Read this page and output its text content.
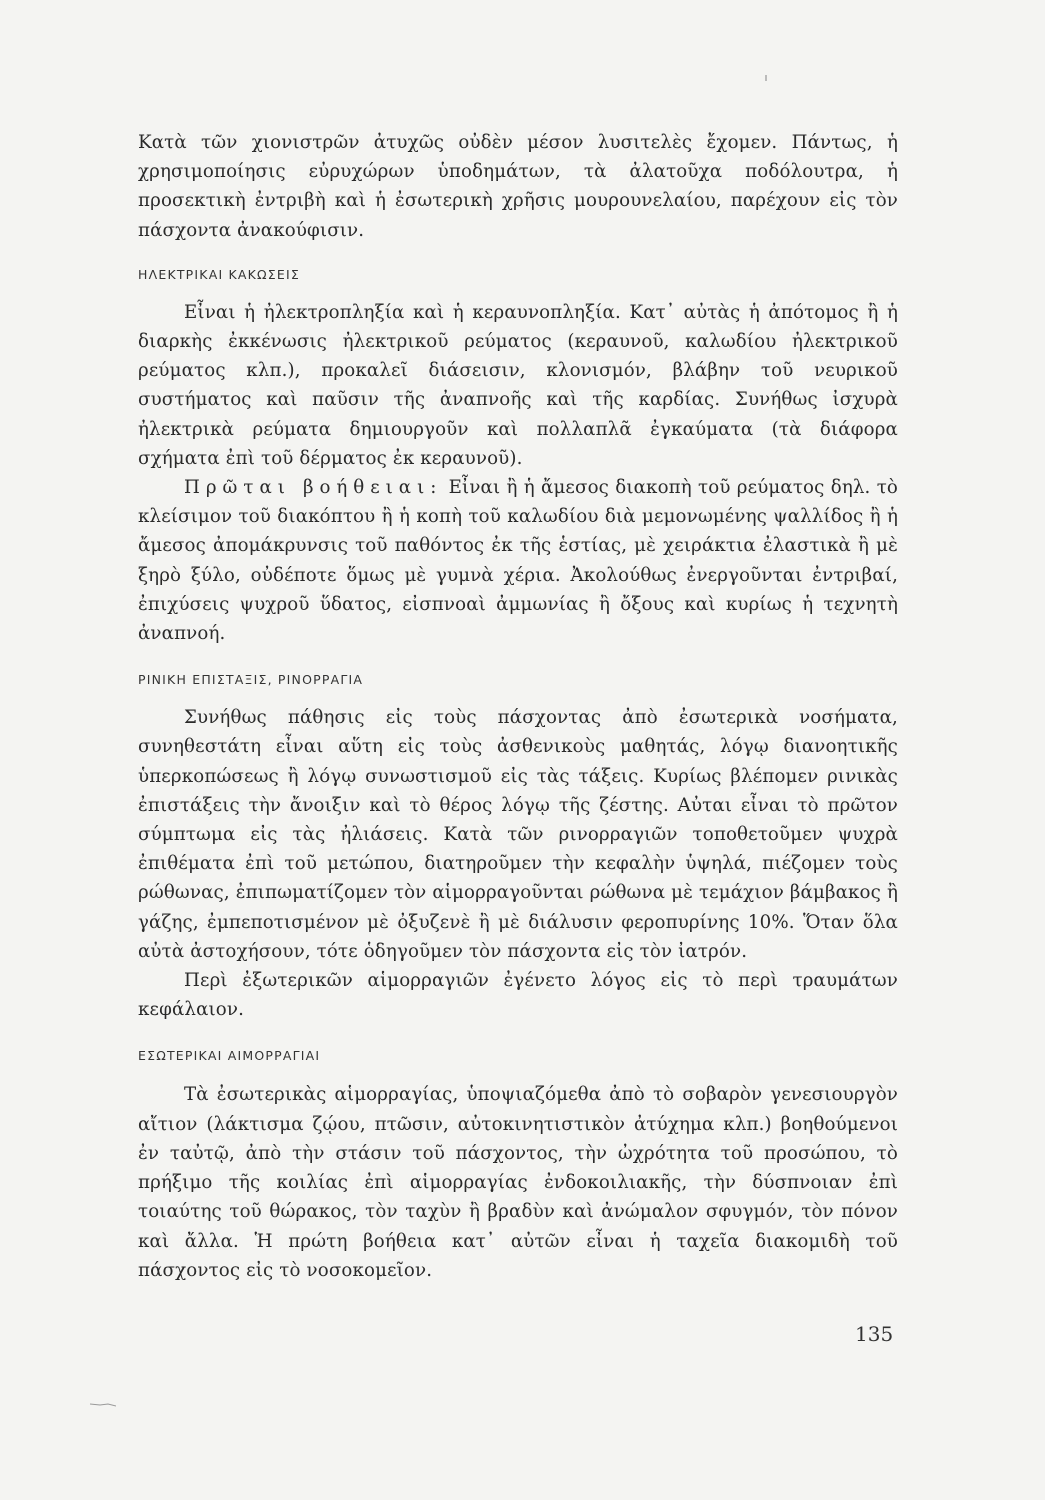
Κατὰ τῶν χιονιστρῶν ἀτυχῶς οὐδὲν μέσον λυσιτελὲς ἔχομεν. Πάντως, ἡ χρησιμοποίησις εὐρυχώρων ὑποδημάτων, τὰ ἀλατοῦχα ποδόλουτρα, ἡ προσεκτικὴ ἐντριβὴ καὶ ἡ ἐσωτερικὴ χρῆσις μουρουνελαίου, παρέχουν εἰς τὸν πάσχοντα ἀνακούφισιν.

ΗΛΕΚΤΡΙΚΑΙ ΚΑΚΩΣΕΙΣ

Εἶναι ἡ ἠλεκτροπληξία καὶ ἡ κεραυνοπληξία. Κατ᾽ αὐτὰς ἡ ἀπότομος ἢ ἡ διαρκὴς ἐκκένωσις ἠλεκτρικοῦ ρεύματος (κεραυνοῦ, καλωδίου ἠλεκτρικοῦ ρεύματος κλπ.), προκαλεῖ διάσεισιν, κλονισμόν, βλάβην τοῦ νευρικοῦ συστήματος καὶ παῦσιν τῆς ἀναπνοῆς καὶ τῆς καρδίας. Συνήθως ἰσχυρὰ ἠλεκτρικὰ ρεύματα δημιουργοῦν καὶ πολλαπλᾶ ἐγκαύματα (τὰ διάφορα σχήματα ἐπὶ τοῦ δέρματος ἐκ κεραυνοῦ).

Πρῶται βοήθειαι: Εἶναι ἢ ἡ ἄμεσος διακοπὴ τοῦ ρεύματος δηλ. τὸ κλείσιμον τοῦ διακόπτου ἢ ἡ κοπὴ τοῦ καλωδίου διὰ μεμονωμένης ψαλλίδος ἢ ἡ ἄμεσος ἀπομάκρυνσις τοῦ παθόντος ἐκ τῆς ἑστίας, μὲ χειράκτια ἐλαστικὰ ἢ μὲ ξηρὸ ξύλο, οὐδέποτε ὅμως μὲ γυμνὰ χέρια. Ἀκολούθως ἐνεργοῦνται ἐντριβαί, ἐπιχύσεις ψυχροῦ ὕδατος, εἰσπνοαὶ ἀμμωνίας ἢ ὄξους καὶ κυρίως ἡ τεχνητὴ ἀναπνοή.

ΡΙΝΙΚΗ ΕΠΙΣΤΑΞΙΣ, ΡΙΝΟΡΡΑΓΙΑ

Συνήθως πάθησις εἰς τοὺς πάσχοντας ἀπὸ ἐσωτερικὰ νοσήματα, συνηθεστάτη εἶναι αὕτη εἰς τοὺς ἀσθενικοὺς μαθητάς, λόγῳ διανοητικῆς ὑπερκοπώσεως ἢ λόγῳ συνωστισμοῦ εἰς τὰς τάξεις. Κυρίως βλέπομεν ρινικὰς ἐπιστάξεις τὴν ἄνοιξιν καὶ τὸ θέρος λόγῳ τῆς ζέστης. Αὐται εἶναι τὸ πρῶτον σύμπτωμα εἰς τὰς ἠλιάσεις. Κατὰ τῶν ρινορραγιῶν τοποθετοῦμεν ψυχρὰ ἐπιθέματα ἐπὶ τοῦ μετώπου, διατηροῦμεν τὴν κεφαλὴν ὑψηλά, πιέζομεν τοὺς ρώθωνας, ἐπιπωματίζομεν τὸν αἱμορραγοῦνται ρώθωνα μὲ τεμάχιον βάμβακος ἢ γάζης, ἐμπεποτισμένον μὲ ὀξυζενὲ ἢ μὲ διάλυσιν φεροπυρίνης 10%. Ὅταν ὅλα αὐτὰ ἀστοχήσουν, τότε ὁδηγοῦμεν τὸν πάσχοντα εἰς τὸν ἰατρόν.

Περὶ ἐξωτερικῶν αἱμορραγιῶν ἐγένετο λόγος εἰς τὸ περὶ τραυμάτων κεφάλαιον.

ΕΣΩΤΕΡΙΚΑΙ ΑΙΜΟΡΡΑΓΙΑΙ

Τὰ ἐσωτερικὰς αἱμορραγίας, ὑποψιαζόμεθα ἀπὸ τὸ σοβαρὸν γενεσιουργὸν αἴτιον (λάκτισμα ζῴου, πτῶσιν, αὐτοκινητιστικὸν ἀτύχημα κλπ.) βοηθούμενοι ἐν ταὐτῷ, ἀπὸ τὴν στάσιν τοῦ πάσχοντος, τὴν ὠχρότητα τοῦ προσώπου, τὸ πρήξιμο τῆς κοιλίας ἐπὶ αἱμορραγίας ἐνδοκοιλιακῆς, τὴν δύσπνοιαν ἐπὶ τοιαύτης τοῦ θώρακος, τὸν ταχὺν ἢ βραδὺν καὶ ἀνώμαλον σφυγμόν, τὸν πόνον καὶ ἄλλα. Ἡ πρώτη βοήθεια κατ᾽ αὐτῶν εἶναι ἡ ταχεῖα διακομιδὴ τοῦ πάσχοντος εἰς τὸ νοσοκομεῖον.

135
